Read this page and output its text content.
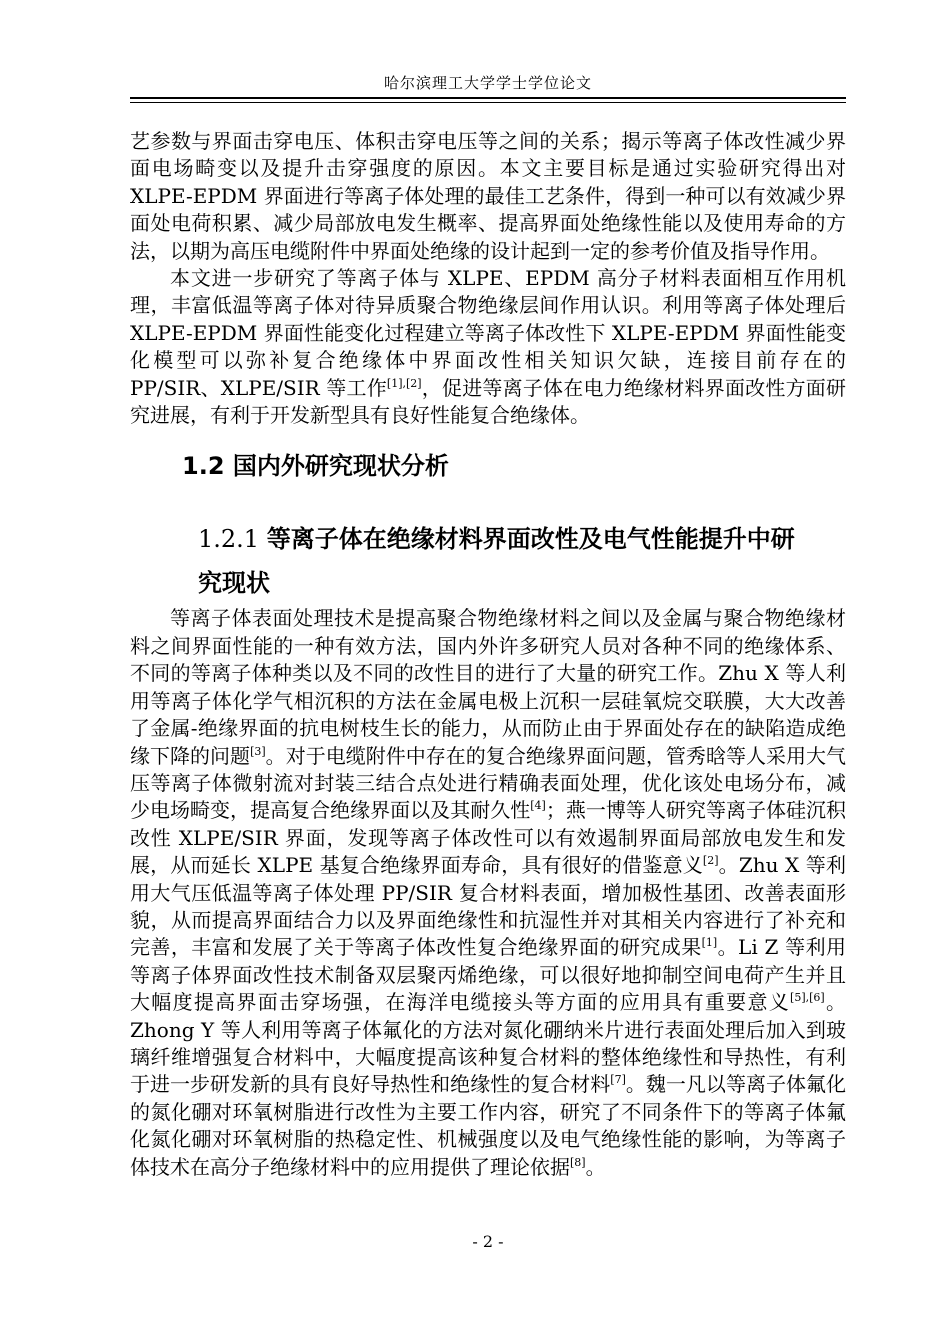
哈尔滨理工大学学士学位论文

艺参数与界面击穿电压、体积击穿电压等之间的关系；揭示等离子体改性减少界面电场畸变以及提升击穿强度的原因。本文主要目标是通过实验研究得出对 XLPE-EPDM 界面进行等离子体处理的最佳工艺条件，得到一种可以有效减少界面处电荷积累、减少局部放电发生概率、提高界面处绝缘性能以及使用寿命的方法，以期为高压电缆附件中界面处绝缘的设计起到一定的参考价值及指导作用。

本文进一步研究了等离子体与 XLPE、EPDM 高分子材料表面相互作用机理，丰富低温等离子体对待异质聚合物绝缘层间作用认识。利用等离子体处理后 XLPE-EPDM 界面性能变化过程建立等离子体改性下 XLPE-EPDM 界面性能变化模型可以弥补复合绝缘体中界面改性相关知识欠缺，连接目前存在的 PP/SIR、XLPE/SIR 等工作[1],[2]，促进等离子体在电力绝缘材料界面改性方面研究进展，有利于开发新型具有良好性能复合绝缘体。

1.2 国内外研究现状分析
1.2.1 等离子体在绝缘材料界面改性及电气性能提升中研
究现状

等离子体表面处理技术是提高聚合物绝缘材料之间以及金属与聚合物绝缘材料之间界面性能的一种有效方法，国内外许多研究人员对各种不同的绝缘体系、不同的等离子体种类以及不同的改性目的进行了大量的研究工作。Zhu X 等人利用等离子体化学气相沉积的方法在金属电极上沉积一层硅氧烷交联膜，大大改善了金属-绝缘界面的抗电树枝生长的能力，从而防止由于界面处存在的缺陷造成绝缘下降的问题[3]。对于电缆附件中存在的复合绝缘界面问题，管秀晗等人采用大气压等离子体微射流对封装三结合点处进行精确表面处理，优化该处电场分布，减少电场畸变，提高复合绝缘界面以及其耐久性[4]；燕一博等人研究等离子体硅沉积改性 XLPE/SIR 界面，发现等离子体改性可以有效遏制界面局部放电发生和发展，从而延长 XLPE 基复合绝缘界面寿命，具有很好的借鉴意义[2]。Zhu X 等利用大气压低温等离子体处理 PP/SIR 复合材料表面，增加极性基团、改善表面形貌，从而提高界面结合力以及界面绝缘性和抗湿性并对其相关内容进行了补充和完善，丰富和发展了关于等离子体改性复合绝缘界面的研究成果[1]。Li Z 等利用等离子体界面改性技术制备双层聚丙烯绝缘，可以很好地抑制空间电荷产生并且大幅度提高界面击穿场强，在海洋电缆接头等方面的应用具有重要意义[5],[6]。Zhong Y 等人利用等离子体氟化的方法对氮化硼纳米片进行表面处理后加入到玻璃纤维增强复合材料中，大幅度提高该种复合材料的整体绝缘性和导热性，有利于进一步研发新的具有良好导热性和绝缘性的复合材料[7]。魏一凡以等离子体氟化的氮化硼对环氧树脂进行改性为主要工作内容，研究了不同条件下的等离子体氟化氮化硼对环氧树脂的热稳定性、机械强度以及电气绝缘性能的影响，为等离子体技术在高分子绝缘材料中的应用提供了理论依据[8]。

- 2 -
